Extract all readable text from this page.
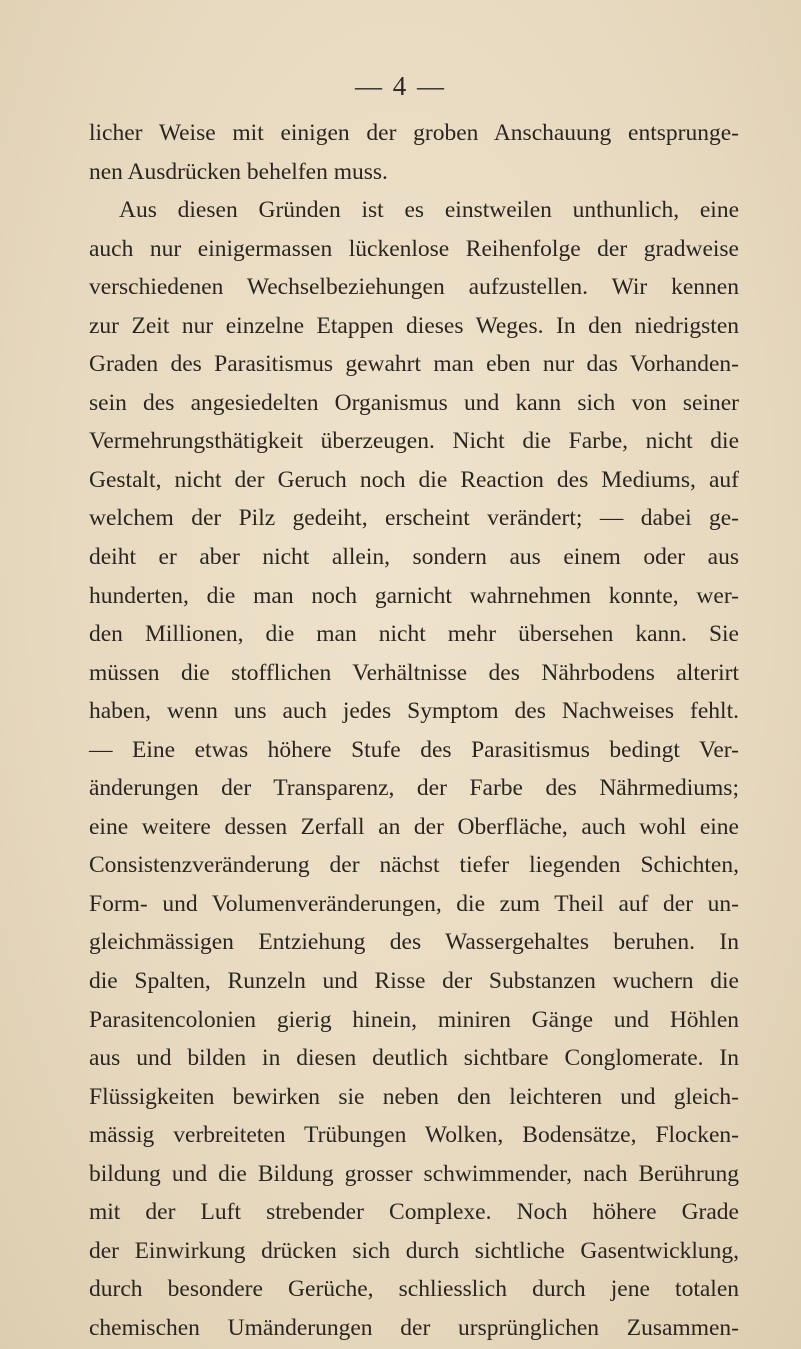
— 4 —
licher Weise mit einigen der groben Anschauung entsprunge-
nen Ausdrücken behelfen muss.
Aus diesen Gründen ist es einstweilen unthunlich, eine
auch nur einigermassen lückenlose Reihenfolge der gradweise
verschiedenen Wechselbeziehungen aufzustellen. Wir kennen
zur Zeit nur einzelne Etappen dieses Weges. In den niedrigsten
Graden des Parasitismus gewahrt man eben nur das Vorhanden-
sein des angesiedelten Organismus und kann sich von seiner
Vermehrungsthätigkeit überzeugen. Nicht die Farbe, nicht die
Gestalt, nicht der Geruch noch die Reaction des Mediums, auf
welchem der Pilz gedeiht, erscheint verändert; — dabei ge-
deiht er aber nicht allein, sondern aus einem oder aus
hunderten, die man noch garnicht wahrnehmen konnte, wer-
den Millionen, die man nicht mehr übersehen kann. Sie
müssen die stofflichen Verhältnisse des Nährbodens alterirt
haben, wenn uns auch jedes Symptom des Nachweises fehlt.
— Eine etwas höhere Stufe des Parasitismus bedingt Ver-
änderungen der Transparenz, der Farbe des Nährmediums;
eine weitere dessen Zerfall an der Oberfläche, auch wohl eine
Consistenzveränderung der nächst tiefer liegenden Schichten,
Form- und Volumenveränderungen, die zum Theil auf der un-
gleichmässigen Entziehung des Wassergehaltes beruhen. In
die Spalten, Runzeln und Risse der Substanzen wuchern die
Parasitencolonien gierig hinein, miniren Gänge und Höhlen
aus und bilden in diesen deutlich sichtbare Conglomerate. In
Flüssigkeiten bewirken sie neben den leichteren und gleich-
mässig verbreiteten Trübungen Wolken, Bodensätze, Flocken-
bildung und die Bildung grosser schwimmender, nach Berührung
mit der Luft strebender Complexe. Noch höhere Grade
der Einwirkung drücken sich durch sichtliche Gasentwicklung,
durch besondere Gerüche, schliesslich durch jene totalen
chemischen Umänderungen der ursprünglichen Zusammen-
